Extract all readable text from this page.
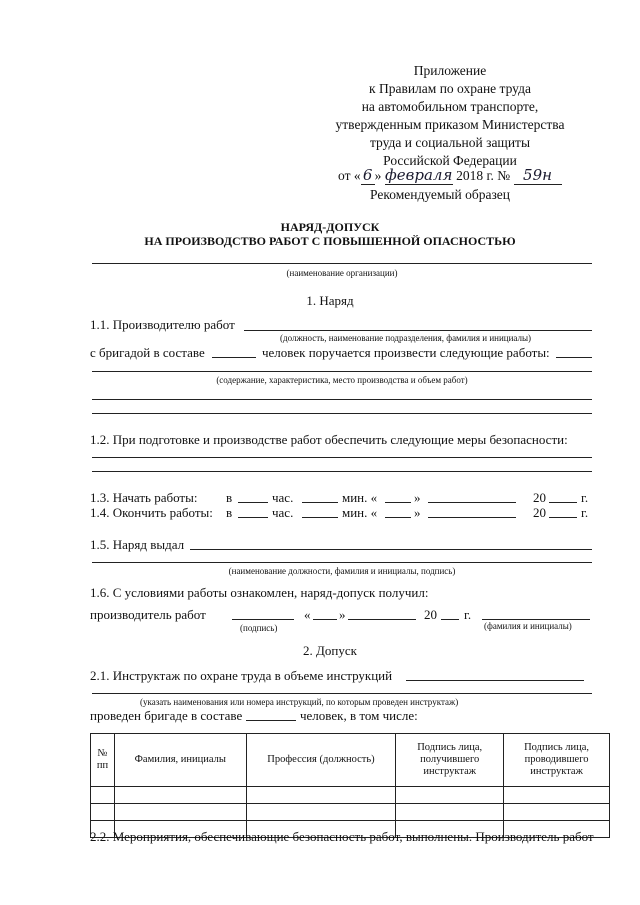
Приложение
к Правилам по охране труда
на автомобильном транспорте,
утвержденным приказом Министерства
труда и социальной защиты
Российской Федерации
от « 6 » февраля 2018 г. № 59н
Рекомендуемый образец
НАРЯД-ДОПУСК
НА ПРОИЗВОДСТВО РАБОТ С ПОВЫШЕННОЙ ОПАСНОСТЬЮ
(наименование организации)
1. Наряд
1.1. Производителю работ
(должность, наименование подразделения, фамилия и инициалы)
с бригадой в составе	человек поручается произвести следующие работы:
(содержание, характеристика, место производства и объем работ)
1.2. При подготовке и производстве работ обеспечить следующие меры безопасности:
1.3. Начать работы: в	час.	мин. «	»	20	г.
1.4. Окончить работы: в	час.	мин. «	»	20	г.
1.5. Наряд выдал
(наименование должности, фамилия и инициалы, подпись)
1.6. С условиями работы ознакомлен, наряд-допуск получил:
производитель работ	« »	20 г.
(подпись)	(фамилия и инициалы)
2. Допуск
2.1. Инструктаж по охране труда в объеме инструкций
(указать наименования или номера инструкций, по которым проведен инструктаж)
проведен бригаде в составе	человек, в том числе:
№ пп	Фамилия, инициалы	Профессия (должность)	Подпись лица, получившего инструктаж	Подпись лица, проводившего инструктаж

2.2. Мероприятия, обеспечивающие безопасность работ, выполнены. Производитель работ
